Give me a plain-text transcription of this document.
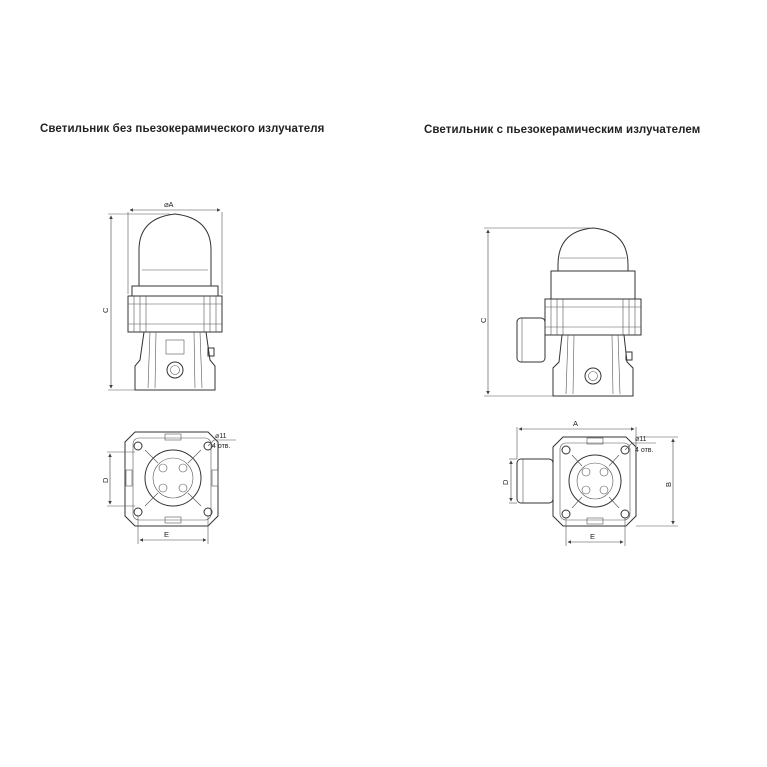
Светильник без пьезокерамического излучателя	Светильник с пьезокерамическим излучателем
⌀A
C
⌀11
4 отв.
D
E
C
⌀11
4 отв.
A
B
D
E
